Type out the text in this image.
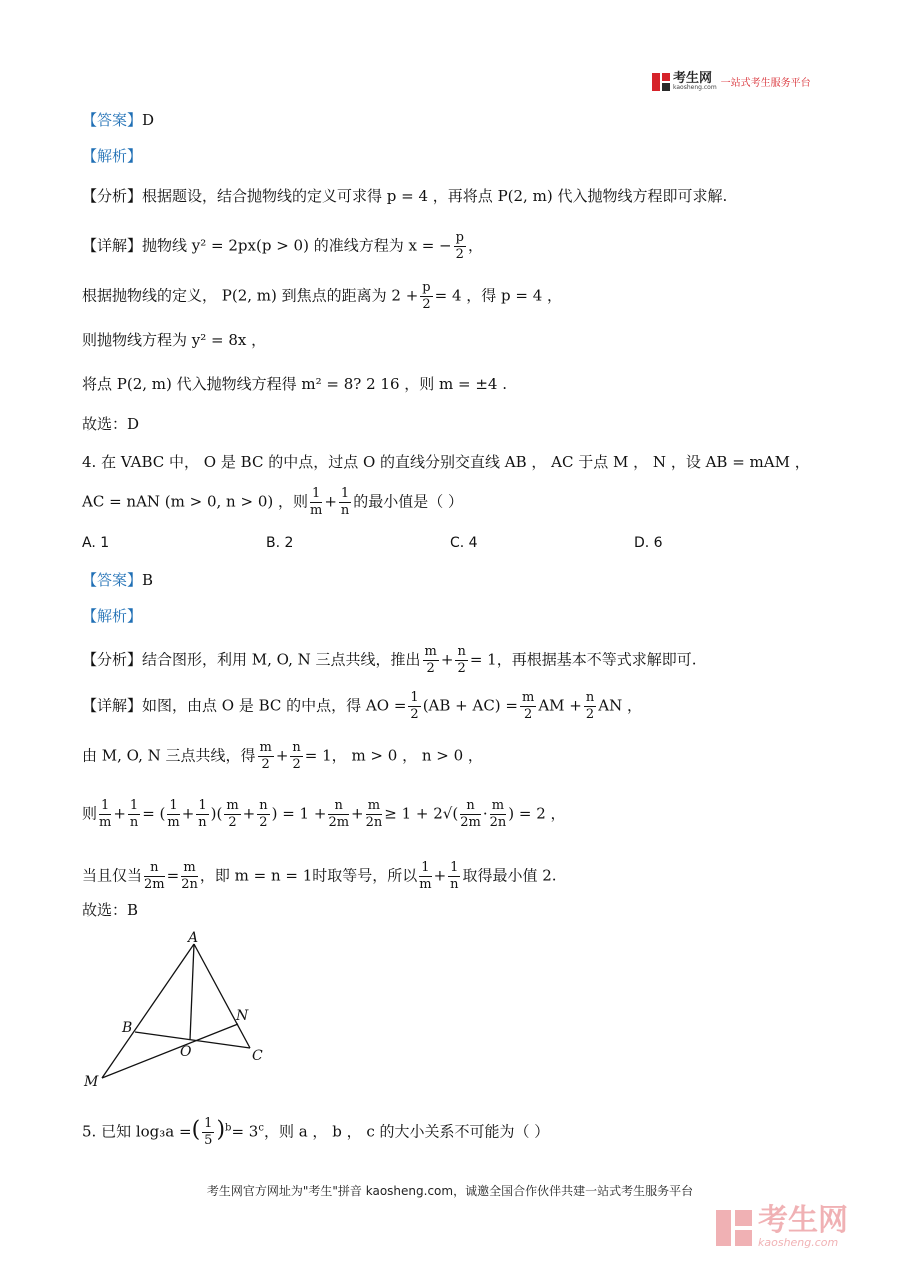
考生网
kaosheng.com 一站式考生服务平台
【答案】D
【解析】
【分析】根据题设，结合抛物线的定义可求得 p = 4 ，再将点 P(2, m) 代入抛物线方程即可求解.
【详解】抛物线 y² = 2px(p > 0) 的准线方程为 x = − $\frac{p}{2}$ ，
根据抛物线的定义， P(2, m) 到焦点的距离为 $2 + \frac{p}{2} = 4$ ，得 p = 4 ，
则抛物线方程为 y² = 8x ，
将点 P(2, m) 代入抛物线方程得 m² = 8? 2 16 ，则 m = ±4 .
故选：D
4. 在 VABC 中， O 是 BC 的中点，过点 O 的直线分别交直线 AB ， AC 于点 M ， N ，设 AB = mAM ，
AC = nAN (m > 0, n > 0) ，则 $\frac{1}{m} + \frac{1}{n}$ 的最小值是（ ）
A. 1	B. 2	C. 4	D. 6
【答案】B
【解析】
【分析】结合图形，利用 M, O, N 三点共线，推出 $\frac{m}{2} + \frac{n}{2} = 1$，再根据基本不等式求解即可.
【详解】如图，由点 O 是 BC 的中点，得 AO = $\frac{1}{2} (AB + AC) = \frac{m}{2}$ AM + $\frac{n}{2}$ AN ，
由 M, O, N 三点共线，得 $\frac{m}{2} + \frac{n}{2} = 1$， m > 0 ， n > 0 ，
则 $\frac{1}{m} + \frac{1}{n}$ = ( $\frac{1}{m} + \frac{1}{n}$ )( $\frac{m}{2} + \frac{n}{2}$ ) = $1 + \frac{n}{2m} + \frac{m}{2n} \ge 1 + 2√( \frac{n}{2m} \cdot \frac{m}{2n}$ ) = 2 ，
当且仅当 $\frac{n}{2m} = \frac{m}{2n}$ ，即 m = n = 1时取等号，所以 $\frac{1}{m} + \frac{1}{n}$ 取得最小值 2.
故选：B
A
B
C
M
N
O
5. 已知 log₃a =( $\frac{1}{5} )^b= 3^c$，则 a ， b ， c 的大小关系不可能为（ ）
考生网官方网址为"考生"拼音 kaosheng.com，诚邀全国合作伙伴共建一站式考生服务平台
考生网
kaosheng.com
